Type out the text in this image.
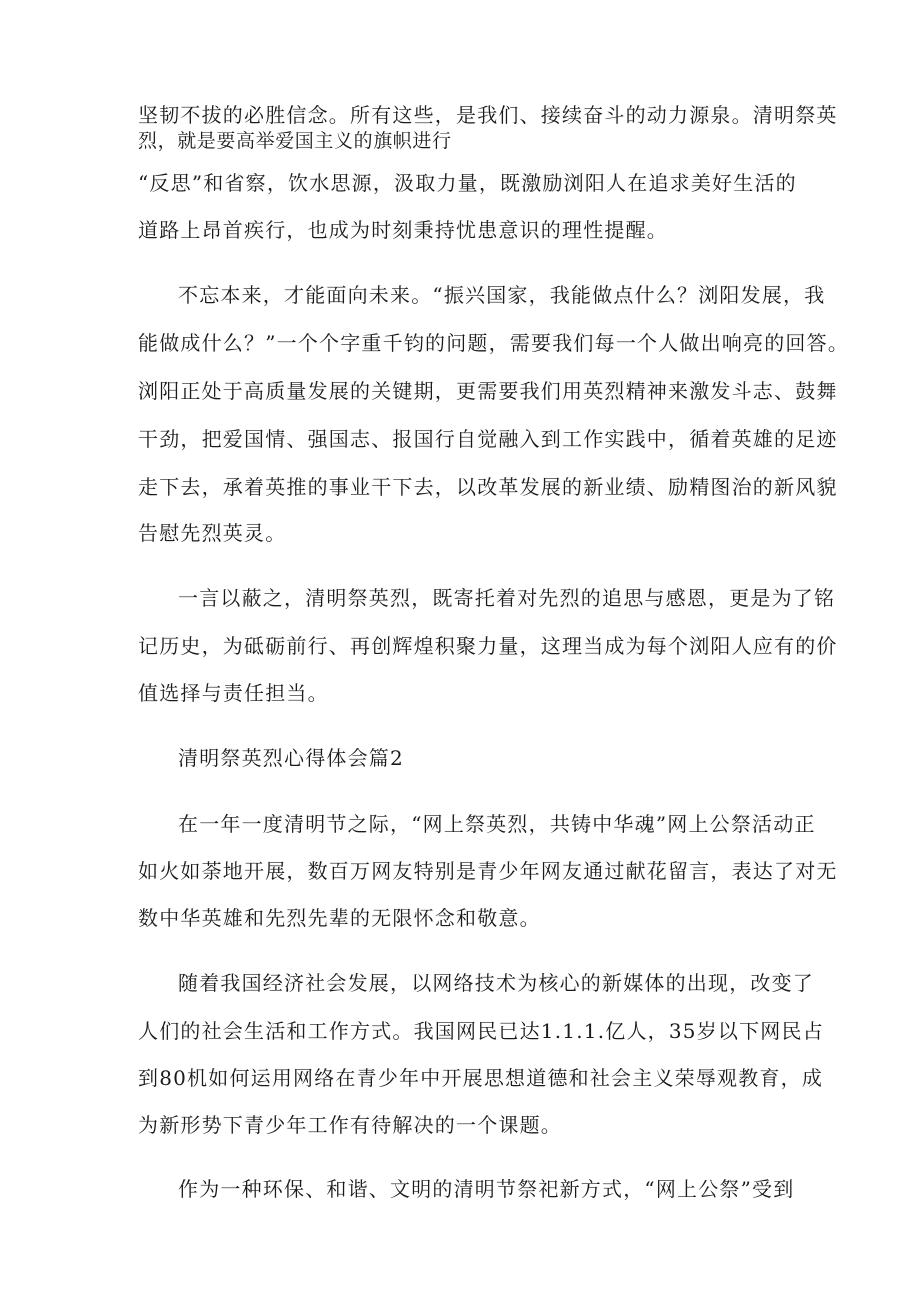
坚韧不拔的必胜信念。所有这些，是我们、接续奋斗的动力源泉。清明祭英
烈，就是要高举爱国主义的旗帜进行
“反思”和省察，饮水思源，汲取力量，既激励浏阳人在追求美好生活的
道路上昂首疾行，也成为时刻秉持忧患意识的理性提醒。
不忘本来，才能面向未来。“振兴国家，我能做点什么？浏阳发展，我
能做成什么？”一个个字重千钧的问题，需要我们每一个人做出响亮的回答。
浏阳正处于高质量发展的关键期，更需要我们用英烈精神来激发斗志、鼓舞
干劲，把爱国情、强国志、报国行自觉融入到工作实践中，循着英雄的足迹
走下去，承着英推的事业干下去，以改革发展的新业绩、励精图治的新风貌
告慰先烈英灵。
一言以蔽之，清明祭英烈，既寄托着对先烈的追思与感恩，更是为了铭
记历史，为砥砺前行、再创辉煌积聚力量，这理当成为每个浏阳人应有的价
值选择与责任担当。
清明祭英烈心得体会篇2
在一年一度清明节之际，“网上祭英烈，共铸中华魂”网上公祭活动正
如火如荼地开展，数百万网友特别是青少年网友通过献花留言，表达了对无
数中华英雄和先烈先辈的无限怀念和敬意。
随着我国经济社会发展，以网络技术为核心的新媒体的出现，改变了
人们的社会生活和工作方式。我国网民已达1.1.1.亿人，35岁以下网民占
到80机如何运用网络在青少年中开展思想道德和社会主义荣辱观教育，成
为新形势下青少年工作有待解决的一个课题。
作为一种环保、和谐、文明的清明节祭祀新方式，“网上公祭”受到
